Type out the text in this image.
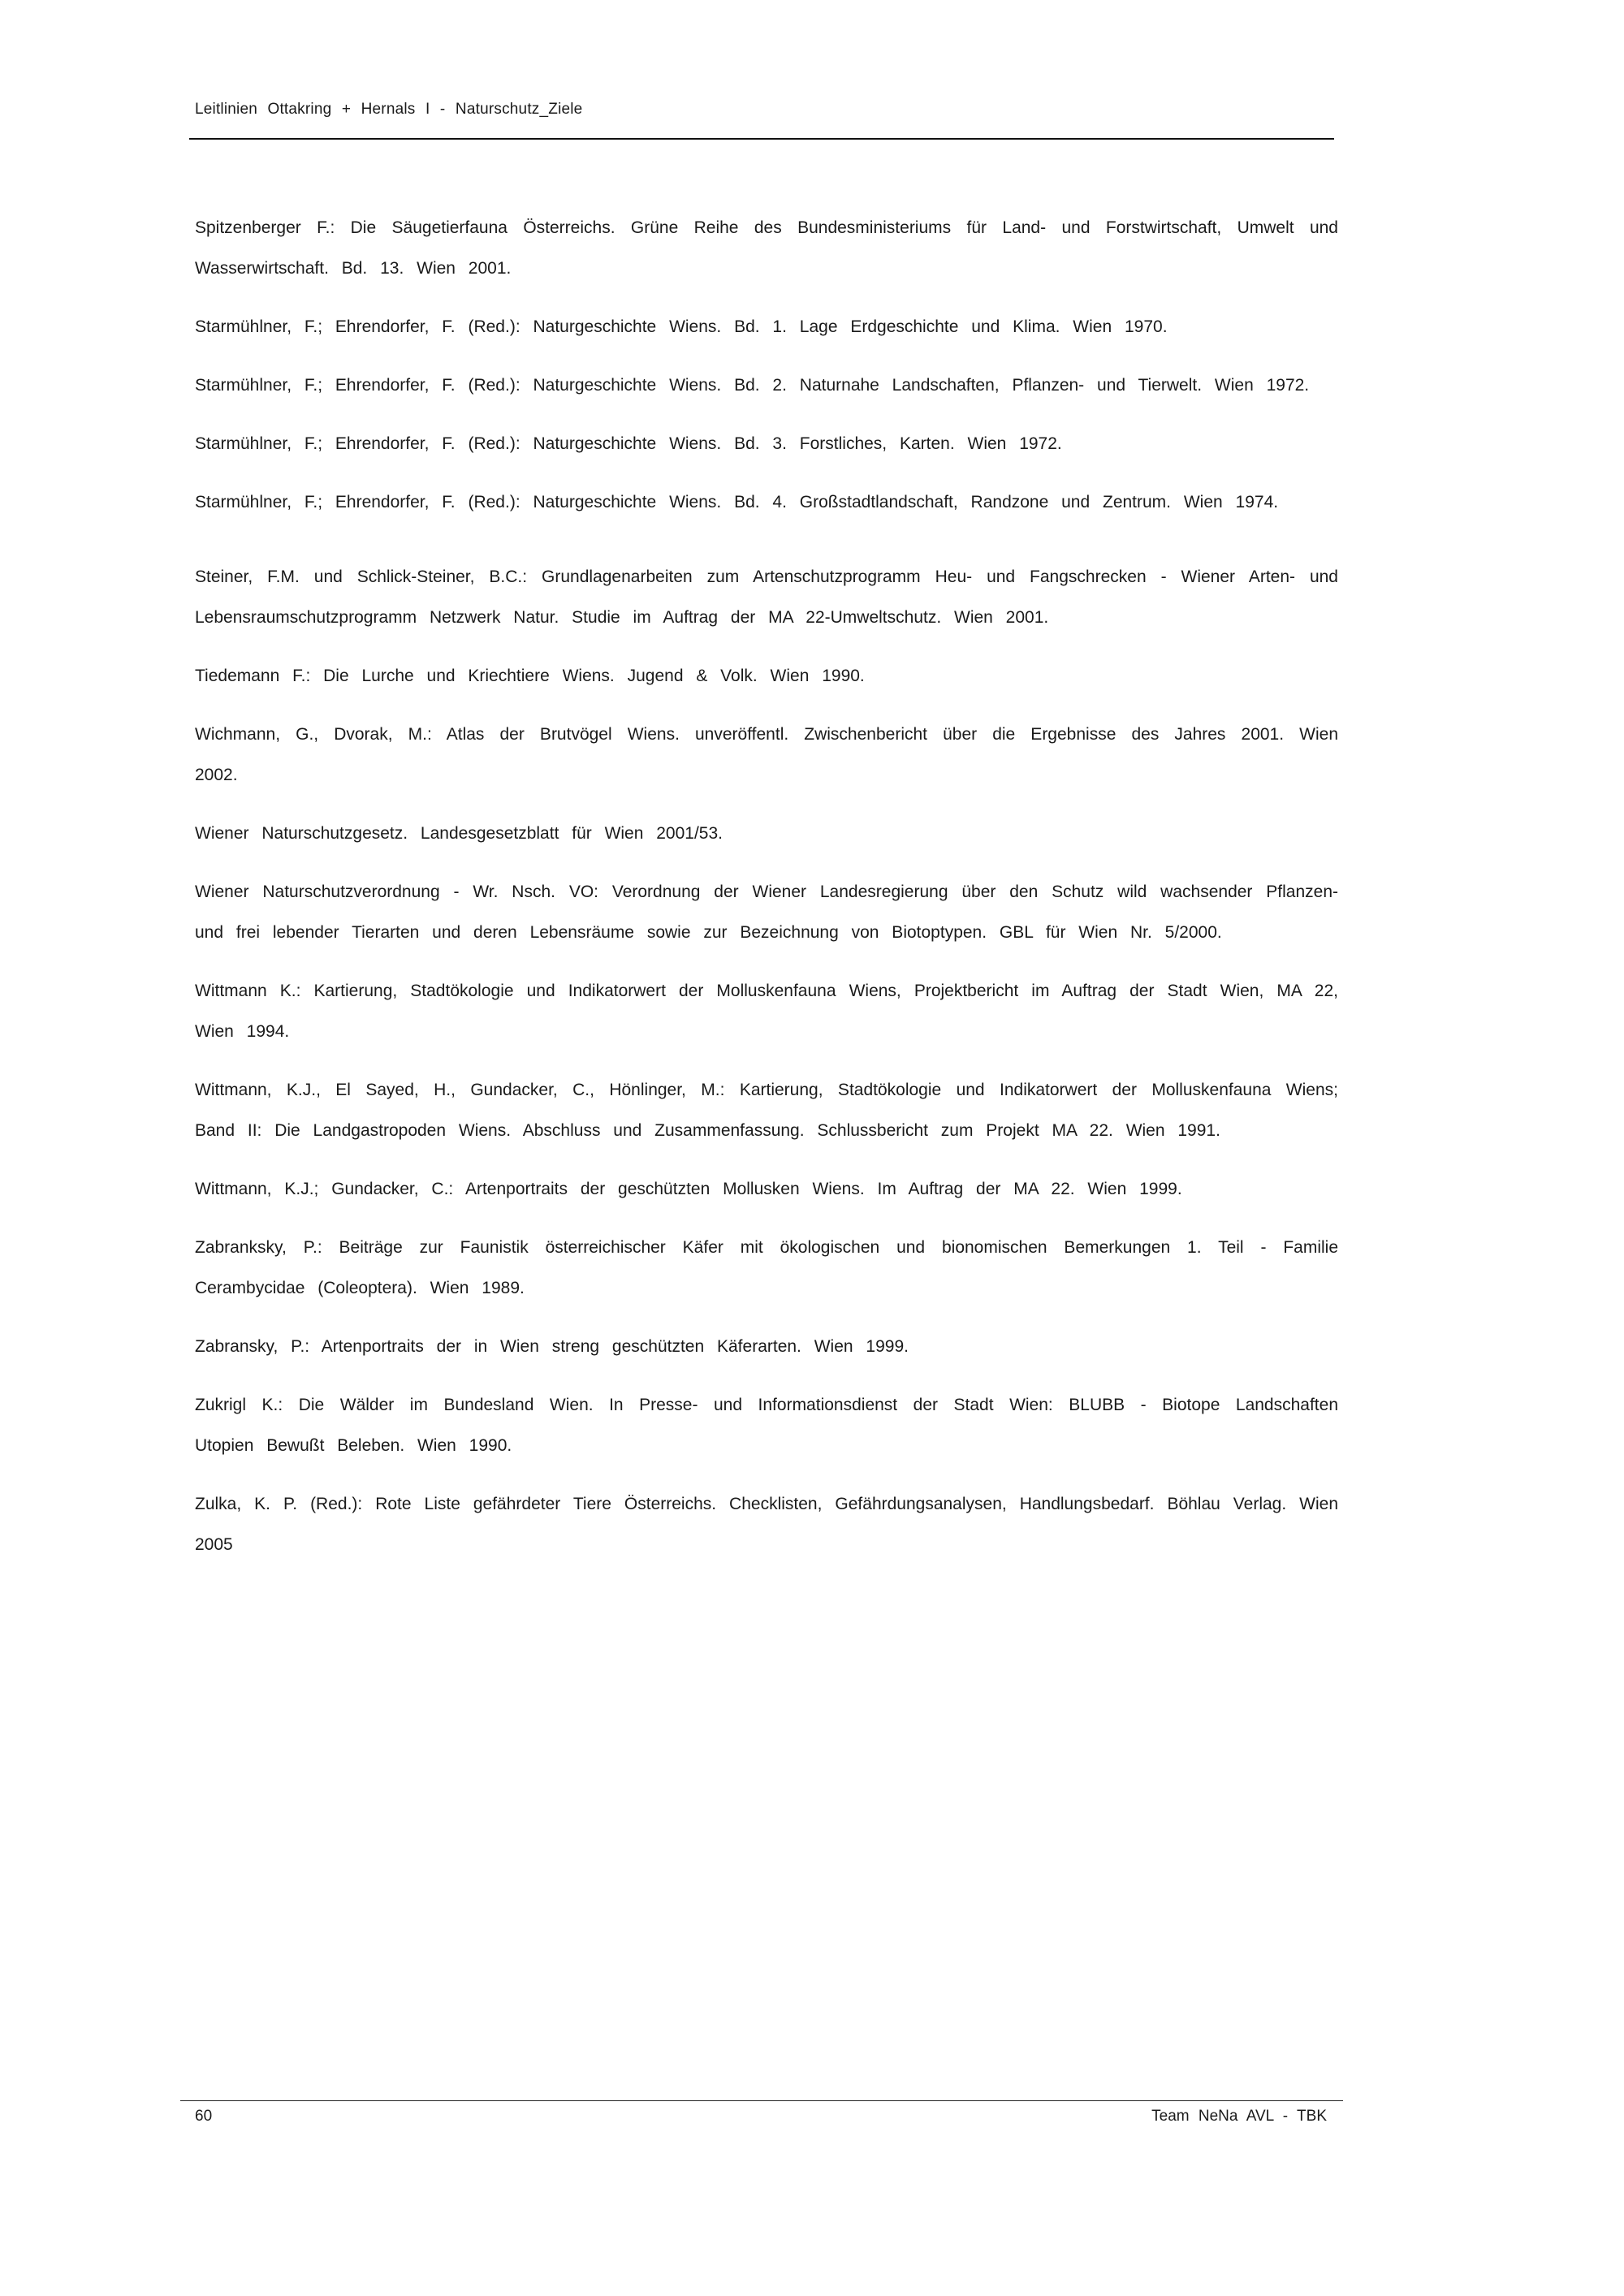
Leitlinien Ottakring + Hernals I - Naturschutz_Ziele
Spitzenberger F.: Die Säugetierfauna Österreichs. Grüne Reihe des Bundesministeriums für Land- und Forstwirtschaft, Umwelt und Wasserwirtschaft. Bd. 13. Wien 2001.
Starmühlner, F.; Ehrendorfer, F. (Red.): Naturgeschichte Wiens. Bd. 1. Lage Erdgeschichte und Klima. Wien 1970.
Starmühlner, F.; Ehrendorfer, F. (Red.): Naturgeschichte Wiens. Bd. 2. Naturnahe Landschaften, Pflanzen- und Tierwelt. Wien 1972.
Starmühlner, F.; Ehrendorfer, F. (Red.): Naturgeschichte Wiens. Bd. 3. Forstliches, Karten. Wien 1972.
Starmühlner, F.; Ehrendorfer, F. (Red.): Naturgeschichte Wiens. Bd. 4. Großstadtlandschaft, Randzone und Zentrum. Wien 1974.
Steiner, F.M. und Schlick-Steiner, B.C.: Grundlagenarbeiten zum Artenschutzprogramm Heu- und Fangschrecken - Wiener Arten- und Lebensraumschutzprogramm Netzwerk Natur. Studie im Auftrag der MA 22-Umweltschutz. Wien 2001.
Tiedemann F.: Die Lurche und Kriechtiere Wiens. Jugend & Volk. Wien 1990.
Wichmann, G., Dvorak, M.: Atlas der Brutvögel Wiens. unveröffentl. Zwischenbericht über die Ergebnisse des Jahres 2001. Wien 2002.
Wiener Naturschutzgesetz. Landesgesetzblatt für Wien 2001/53.
Wiener Naturschutzverordnung - Wr. Nsch. VO: Verordnung der Wiener Landesregierung über den Schutz wild wachsender Pflanzen- und frei lebender Tierarten und deren Lebensräume sowie zur Bezeichnung von Biotoptypen. GBL für Wien Nr. 5/2000.
Wittmann K.: Kartierung, Stadtökologie und Indikatorwert der Molluskenfauna Wiens, Projektbericht im Auftrag der Stadt Wien, MA 22, Wien 1994.
Wittmann, K.J., El Sayed, H., Gundacker, C., Hönlinger, M.: Kartierung, Stadtökologie und Indikatorwert der Molluskenfauna Wiens; Band II: Die Landgastropoden Wiens. Abschluss und Zusammenfassung. Schlussbericht zum Projekt MA 22. Wien 1991.
Wittmann, K.J.; Gundacker, C.: Artenportraits der geschützten Mollusken Wiens. Im Auftrag der MA 22. Wien 1999.
Zabranksky, P.: Beiträge zur Faunistik österreichischer Käfer mit ökologischen und bionomischen Bemerkungen 1. Teil - Familie Cerambycidae (Coleoptera). Wien 1989.
Zabransky, P.: Artenportraits der in Wien streng geschützten Käferarten. Wien 1999.
Zukrigl K.: Die Wälder im Bundesland Wien. In Presse- und Informationsdienst der Stadt Wien: BLUBB - Biotope Landschaften Utopien Bewußt Beleben. Wien 1990.
Zulka, K. P. (Red.): Rote Liste gefährdeter Tiere Österreichs. Checklisten, Gefährdungsanalysen, Handlungsbedarf. Böhlau Verlag. Wien 2005
60	Team NeNa AVL - TBK
